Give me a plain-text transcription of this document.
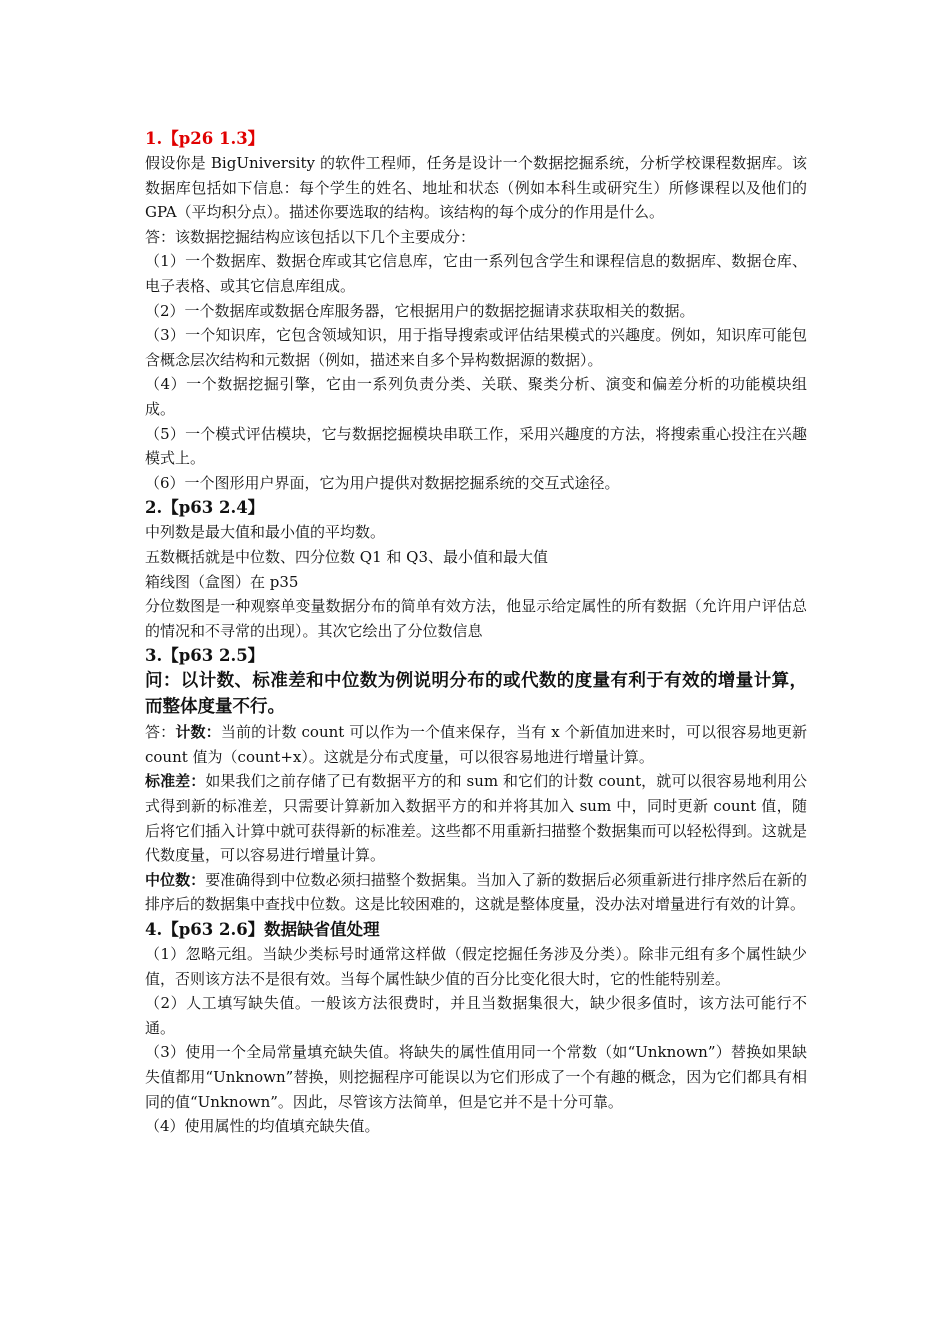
1.【p26 1.3】

假设你是 BigUniversity 的软件工程师，任务是设计一个数据挖掘系统，分析学校课程数据库。该数据库包括如下信息：每个学生的姓名、地址和状态（例如本科生或研究生）所修课程以及他们的 GPA（平均积分点）。描述你要选取的结构。该结构的每个成分的作用是什么。

答：该数据挖掘结构应该包括以下几个主要成分：

（1）一个数据库、数据仓库或其它信息库，它由一系列包含学生和课程信息的数据库、数据仓库、电子表格、或其它信息库组成。

（2）一个数据库或数据仓库服务器，它根据用户的数据挖掘请求获取相关的数据。

（3）一个知识库，它包含领域知识，用于指导搜索或评估结果模式的兴趣度。例如，知识库可能包含概念层次结构和元数据（例如，描述来自多个异构数据源的数据）。

（4）一个数据挖掘引擎，它由一系列负责分类、关联、聚类分析、演变和偏差分析的功能模块组成。

（5）一个模式评估模块，它与数据挖掘模块串联工作，采用兴趣度的方法，将搜索重心投注在兴趣模式上。

（6）一个图形用户界面，它为用户提供对数据挖掘系统的交互式途径。

2.【p63 2.4】

中列数是最大值和最小值的平均数。

五数概括就是中位数、四分位数 Q1 和 Q3、最小值和最大值

箱线图（盒图）在 p35

分位数图是一种观察单变量数据分布的简单有效方法，他显示给定属性的所有数据（允许用户评估总的情况和不寻常的出现）。其次它绘出了分位数信息

3.【p63 2.5】

问：以计数、标准差和中位数为例说明分布的或代数的度量有利于有效的增量计算，而整体度量不行。

答：计数：当前的计数 count 可以作为一个值来保存，当有 x 个新值加进来时，可以很容易地更新 count 值为（count+x）。这就是分布式度量，可以很容易地进行增量计算。

标准差：如果我们之前存储了已有数据平方的和 sum 和它们的计数 count，就可以很容易地利用公式得到新的标准差，只需要计算新加入数据平方的和并将其加入 sum 中，同时更新 count 值，随后将它们插入计算中就可获得新的标准差。这些都不用重新扫描整个数据集而可以轻松得到。这就是代数度量，可以容易进行增量计算。

中位数：要准确得到中位数必须扫描整个数据集。当加入了新的数据后必须重新进行排序然后在新的排序后的数据集中查找中位数。这是比较困难的，这就是整体度量，没办法对增量进行有效的计算。

4.【p63 2.6】数据缺省值处理

（1）忽略元组。当缺少类标号时通常这样做（假定挖掘任务涉及分类）。除非元组有多个属性缺少值，否则该方法不是很有效。当每个属性缺少值的百分比变化很大时，它的性能特别差。

（2）人工填写缺失值。一般该方法很费时，并且当数据集很大，缺少很多值时，该方法可能行不通。

（3）使用一个全局常量填充缺失值。将缺失的属性值用同一个常数（如“Unknown”）替换如果缺失值都用“Unknown”替换，则挖掘程序可能误以为它们形成了一个有趣的概念，因为它们都具有相同的值“Unknown”。因此，尽管该方法简单，但是它并不是十分可靠。

（4）使用属性的均值填充缺失值。
